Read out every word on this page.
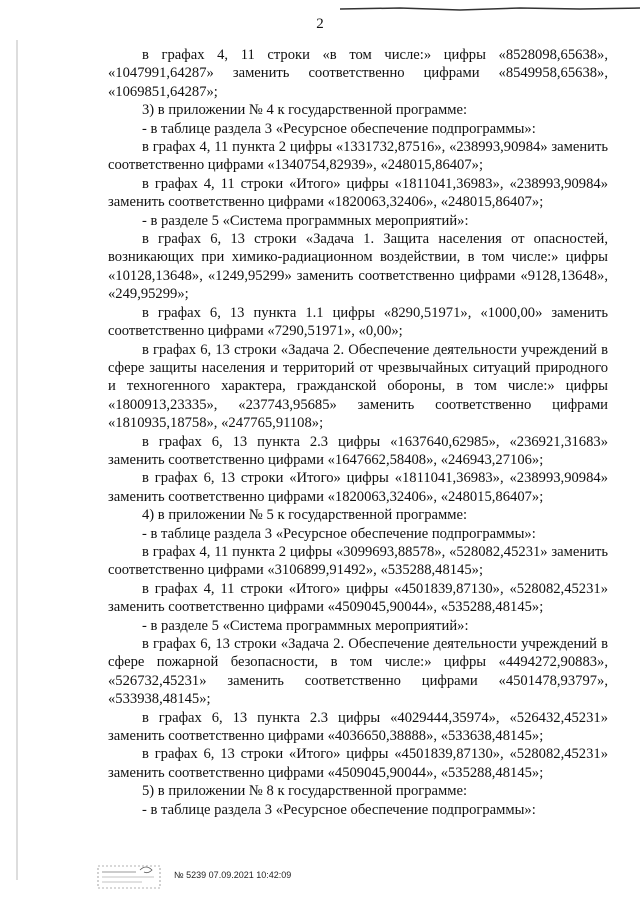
2

в графах 4, 11 строки «в том числе:» цифры «8528098,65638», «1047991,64287» заменить соответственно цифрами «8549958,65638», «1069851,64287»;

3) в приложении № 4 к государственной программе:

- в таблице раздела 3 «Ресурсное обеспечение подпрограммы»:

в графах 4, 11 пункта 2 цифры «1331732,87516», «238993,90984» заменить соответственно цифрами «1340754,82939», «248015,86407»;

в графах 4, 11 строки «Итого» цифры «1811041,36983», «238993,90984» заменить соответственно цифрами «1820063,32406», «248015,86407»;

- в разделе 5 «Система программных мероприятий»:

в графах 6, 13 строки «Задача 1. Защита населения от опасностей, возникающих при химико-радиационном воздействии, в том числе:» цифры «10128,13648», «1249,95299» заменить соответственно цифрами «9128,13648», «249,95299»;

в графах 6, 13 пункта 1.1 цифры «8290,51971», «1000,00» заменить соответственно цифрами «7290,51971», «0,00»;

в графах 6, 13 строки «Задача 2. Обеспечение деятельности учреждений в сфере защиты населения и территорий от чрезвычайных ситуаций природного и техногенного характера, гражданской обороны, в том числе:» цифры «1800913,23335», «237743,95685» заменить соответственно цифрами «1810935,18758», «247765,91108»;

в графах 6, 13 пункта 2.3 цифры «1637640,62985», «236921,31683» заменить соответственно цифрами «1647662,58408», «246943,27106»;

в графах 6, 13 строки «Итого» цифры «1811041,36983», «238993,90984» заменить соответственно цифрами «1820063,32406», «248015,86407»;

4) в приложении № 5 к государственной программе:

- в таблице раздела 3 «Ресурсное обеспечение подпрограммы»:

в графах 4, 11 пункта 2 цифры «3099693,88578», «528082,45231» заменить соответственно цифрами «3106899,91492», «535288,48145»;

в графах 4, 11 строки «Итого» цифры «4501839,87130», «528082,45231» заменить соответственно цифрами «4509045,90044», «535288,48145»;

- в разделе 5 «Система программных мероприятий»:

в графах 6, 13 строки «Задача 2. Обеспечение деятельности учреждений в сфере пожарной безопасности, в том числе:» цифры «4494272,90883», «526732,45231» заменить соответственно цифрами «4501478,93797», «533938,48145»;

в графах 6, 13 пункта 2.3 цифры «4029444,35974», «526432,45231» заменить соответственно цифрами «4036650,38888», «533638,48145»;

в графах 6, 13 строки «Итого» цифры «4501839,87130», «528082,45231» заменить соответственно цифрами «4509045,90044», «535288,48145»;

5) в приложении № 8 к государственной программе:

- в таблице раздела 3 «Ресурсное обеспечение подпрограммы»:

№ 5239 07.09.2021 10:42:09
